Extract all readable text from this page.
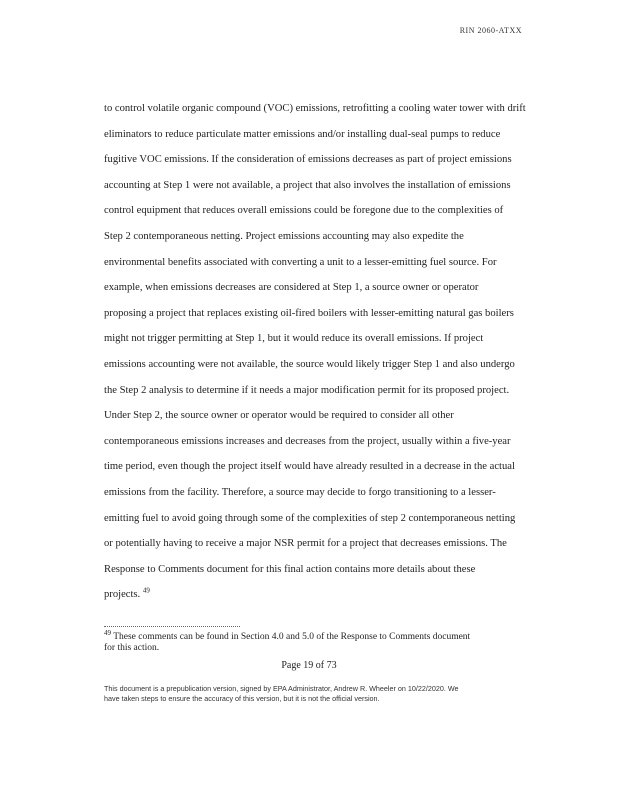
RIN 2060-ATXX
to control volatile organic compound (VOC) emissions, retrofitting a cooling water tower with drift
eliminators to reduce particulate matter emissions and/or installing dual-seal pumps to reduce
fugitive VOC emissions. If the consideration of emissions decreases as part of project emissions
accounting at Step 1 were not available, a project that also involves the installation of emissions
control equipment that reduces overall emissions could be foregone due to the complexities of
Step 2 contemporaneous netting. Project emissions accounting may also expedite the
environmental benefits associated with converting a unit to a lesser-emitting fuel source. For
example, when emissions decreases are considered at Step 1, a source owner or operator
proposing a project that replaces existing oil-fired boilers with lesser-emitting natural gas boilers
might not trigger permitting at Step 1, but it would reduce its overall emissions. If project
emissions accounting were not available, the source would likely trigger Step 1 and also undergo
the Step 2 analysis to determine if it needs a major modification permit for its proposed project.
Under Step 2, the source owner or operator would be required to consider all other
contemporaneous emissions increases and decreases from the project, usually within a five-year
time period, even though the project itself would have already resulted in a decrease in the actual
emissions from the facility. Therefore, a source may decide to forgo transitioning to a lesser-
emitting fuel to avoid going through some of the complexities of step 2 contemporaneous netting
or potentially having to receive a major NSR permit for a project that decreases emissions. The
Response to Comments document for this final action contains more details about these
projects. $^{49}$
$^{49}$ These comments can be found in Section 4.0 and 5.0 of the Response to Comments document
for this action.
Page 19 of 73
This document is a prepublication version, signed by EPA Administrator, Andrew R. Wheeler on 10/22/2020. We
have taken steps to ensure the accuracy of this version, but it is not the official version.
